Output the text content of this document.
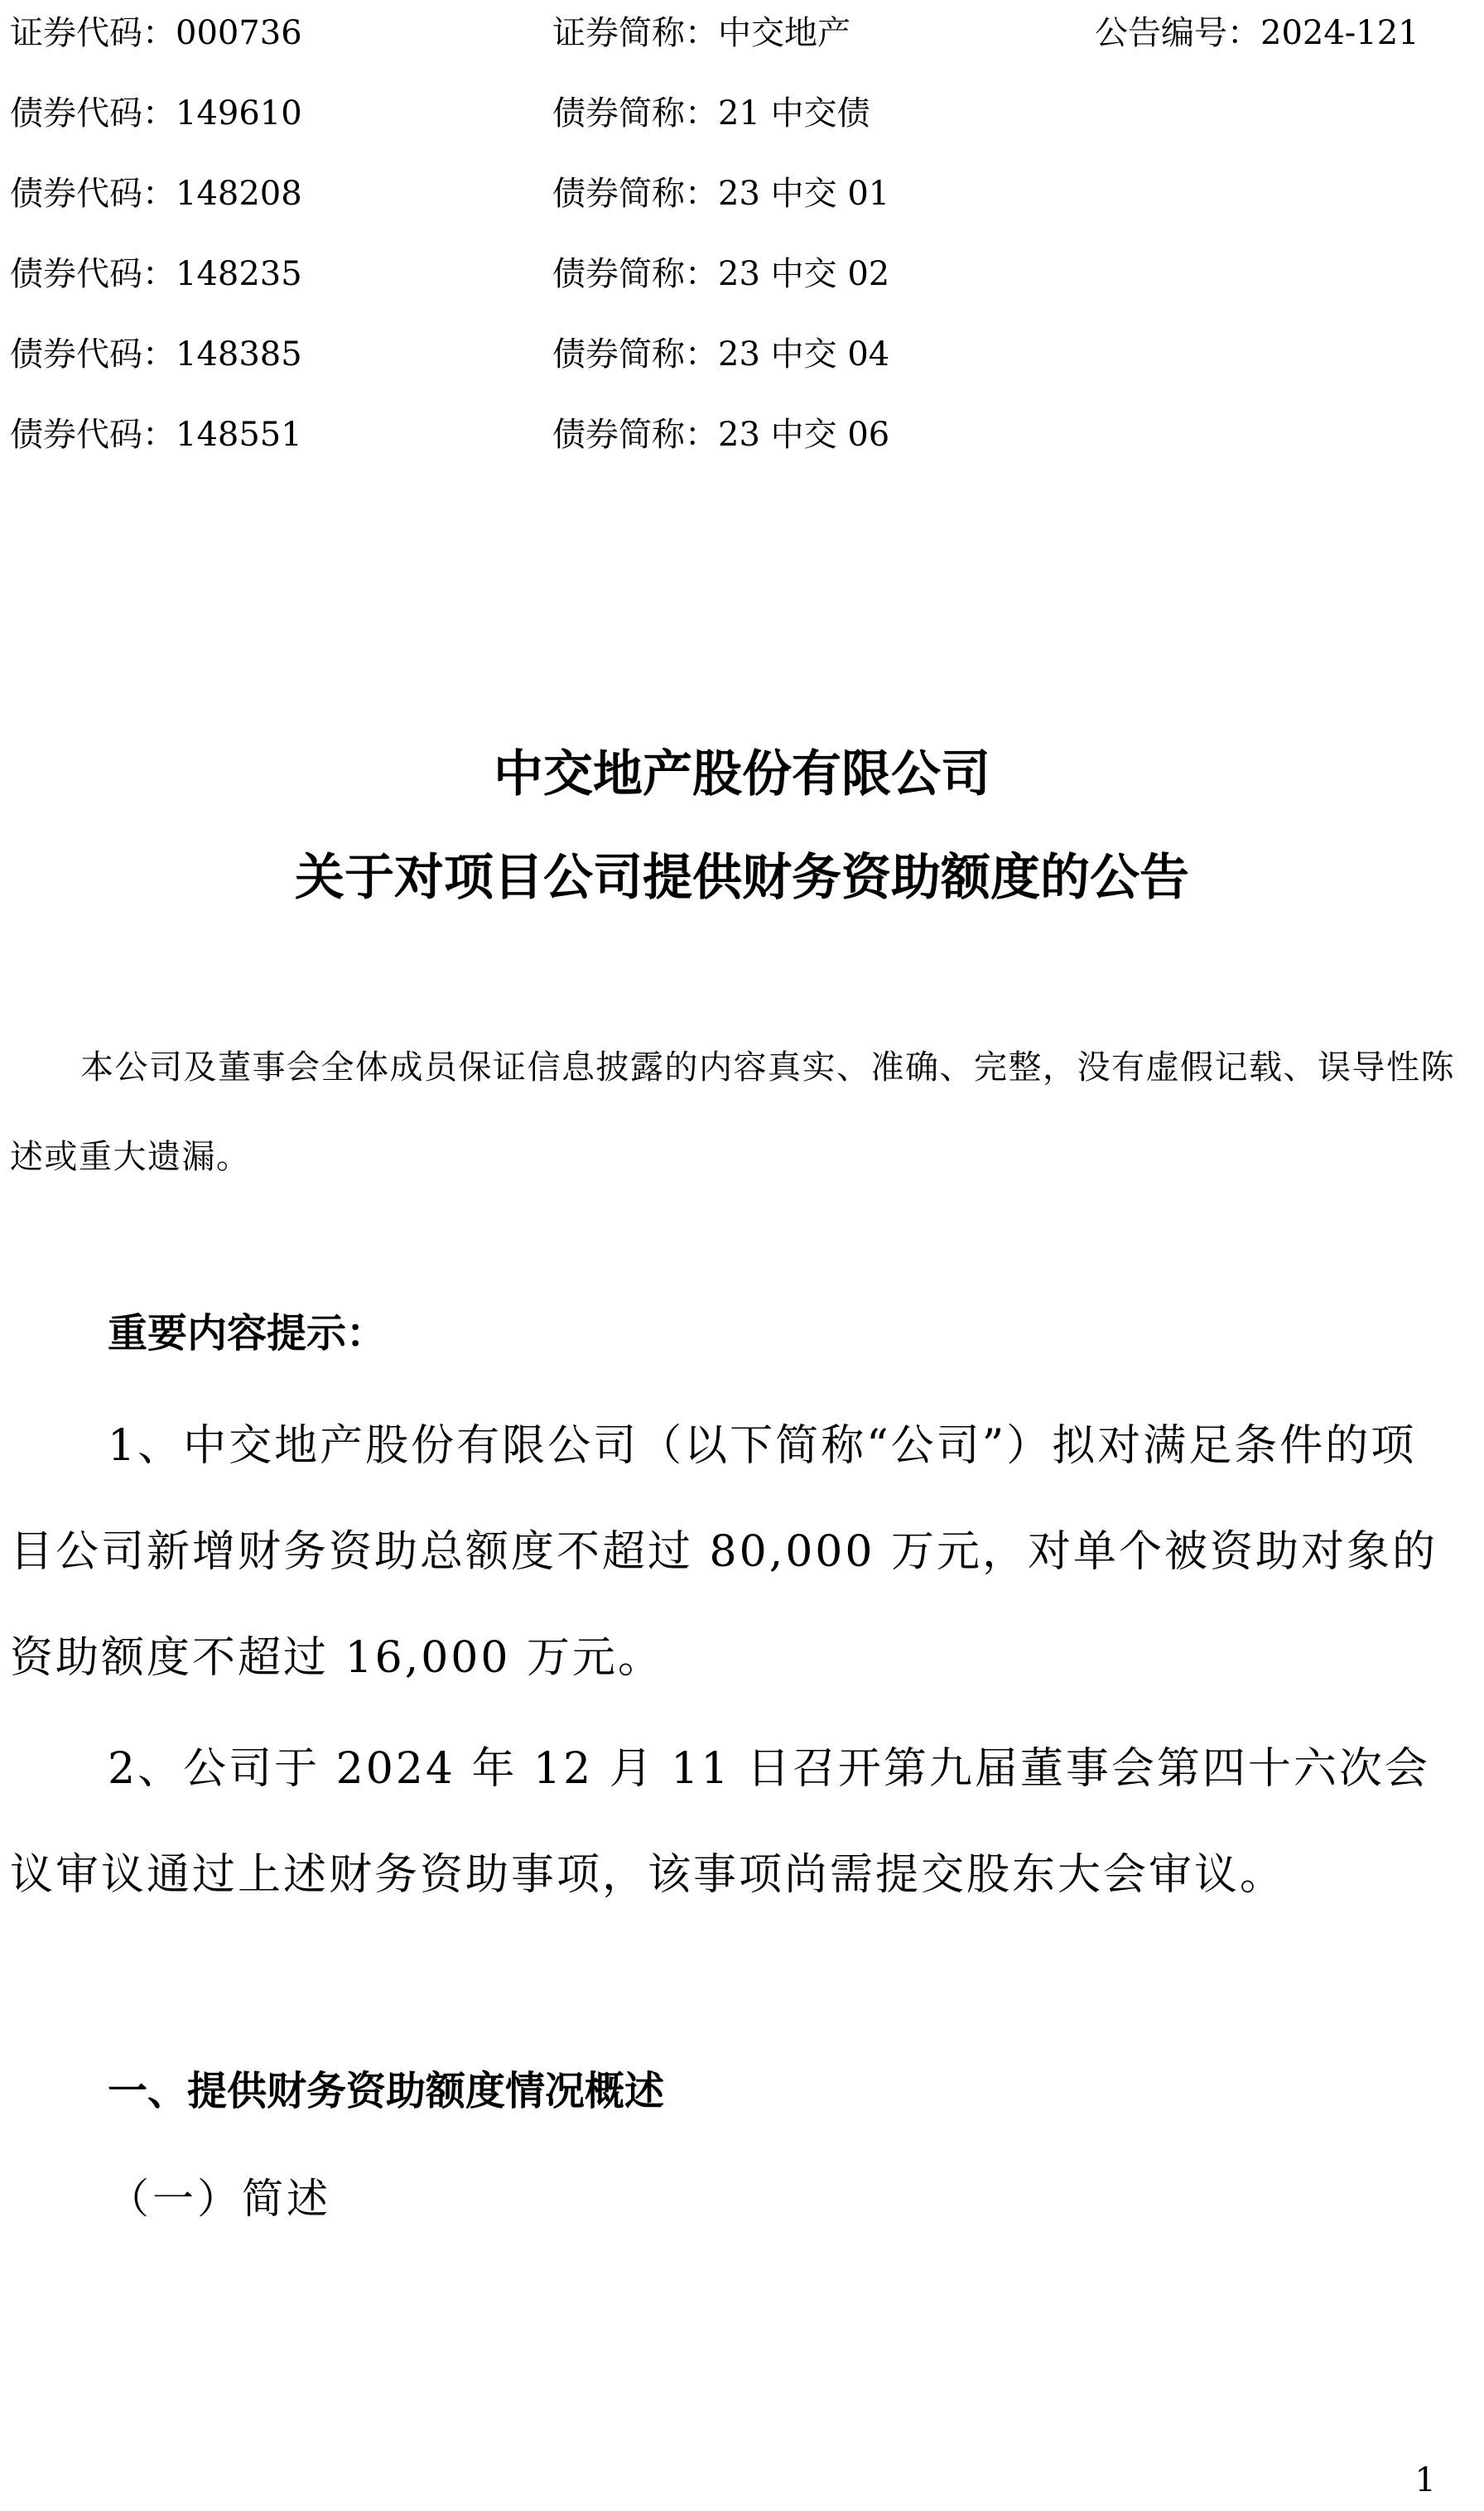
证券代码：000736	证券简称：中交地产	公告编号：2024-121
债券代码：149610	债券简称：21 中交债
债券代码：148208	债券简称：23 中交 01
债券代码：148235	债券简称：23 中交 02
债券代码：148385	债券简称：23 中交 04
债券代码：148551	债券简称：23 中交 06
中交地产股份有限公司
关于对项目公司提供财务资助额度的公告
本公司及董事会全体成员保证信息披露的内容真实、准确、完整，没有虚假记载、误导性陈述或重大遗漏。
重要内容提示：
1、中交地产股份有限公司（以下简称“公司”）拟对满足条件的项目公司新增财务资助总额度不超过 80,000 万元，对单个被资助对象的资助额度不超过 16,000 万元。
2、公司于 2024 年 12 月 11 日召开第九届董事会第四十六次会议审议通过上述财务资助事项，该事项尚需提交股东大会审议。
一、提供财务资助额度情况概述
（一）简述
1
